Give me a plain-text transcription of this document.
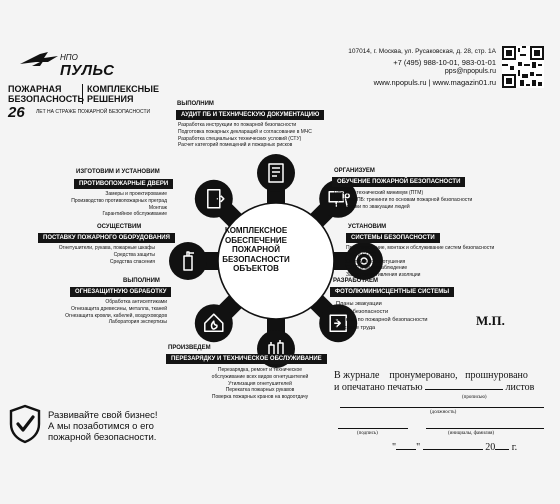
НПО
ПУЛЬС
ПОЖАРНАЯ
БЕЗОПАСНОСТЬ
КОМПЛЕКСНЫЕ
РЕШЕНИЯ
26 ЛЕТ НА СТРАЖЕ ПОЖАРНОЙ БЕЗОПАСНОСТИ
107014, г. Москва, ул. Русаковская, д. 28, стр. 1А
+7 (495) 988-10-01, 983-01-01
pps@npopuls.ru
www.npopuls.ru | www.magazin01.ru
КОМПЛЕКСНОЕ ОБЕСПЕЧЕНИЕ ПОЖАРНОЙ БЕЗОПАСНОСТИ ОБЪЕКТОВ
ВЫПОЛНИМ
АУДИТ ПБ И ТЕХНИЧЕСКУЮ ДОКУМЕНТАЦИЮ
Разработка инструкции по пожарной безопасности
Подготовка пожарных деклараций и согласование в МЧС
Разработка специальных технических условий (СТУ)
Расчет категорий помещений и пожарных рисков
ИЗГОТОВИМ И УСТАНОВИМ
ПРОТИВОПОЖАРНЫЕ ДВЕРИ
Замеры и проектирование
Производство противопожарных преград
Монтаж
Гарантийное обслуживание
ОСУЩЕСТВИМ
ПОСТАВКУ ПОЖАРНОГО ОБОРУДОВАНИЯ
Огнетушители, рукава, пожарные шкафы
Средства защиты
Средства спасения
ВЫПОЛНИМ
ОГНЕЗАЩИТНУЮ ОБРАБОТКУ
Обработка антисептиками
Огнезащита древесины, металла, тканей
Огнезащита кровли, кабелей, воздуховодов
Лаборатория экспертизы
ОРГАНИЗУЕМ
ОБУЧЕНИЕ ПОЖАРНОЙ БЕЗОПАСНОСТИ
Пожарно-технический минимум (ПТМ)
Практика ПБ: тренинги по основам пожарной безопасности
Тренировки по эвакуации людей
УСТАНОВИМ
СИСТЕМЫ БЕЗОПАСНОСТИ
Проектирование, монтаж и обслуживание систем безопасности
АПС и СОУЭ
Системы пожаротушения
СКУД и видеонаблюдение
Замер сопротивления изоляции
РАЗРАБОТАЕМ
ФОТОЛЮМИНИСЦЕНТНЫЕ СИСТЕМЫ
Планы эвакуации
Знаки безопасности
Стенды по пожарной безопасности
и охране труда
ПРОИЗВЕДЕМ
ПЕРЕЗАРЯДКУ И ТЕХНИЧЕСКОЕ ОБСЛУЖИВАНИЕ
Перезарядка, ремонт и техническое
обслуживание всех видов огнетушителей
Утилизация огнетушителей
Перекатка пожарных рукавов
Поверка пожарных кранов на водоотдачу
Развивайте свой бизнес!
А мы позаботимся о его
пожарной безопасности.
М.П.
В журнале пронумеровано, прошнуровано
и опечатано печатью	листов
(прописью)
(должность)
(подпись)	(инициалы, фамилия)
" "	20 г.
